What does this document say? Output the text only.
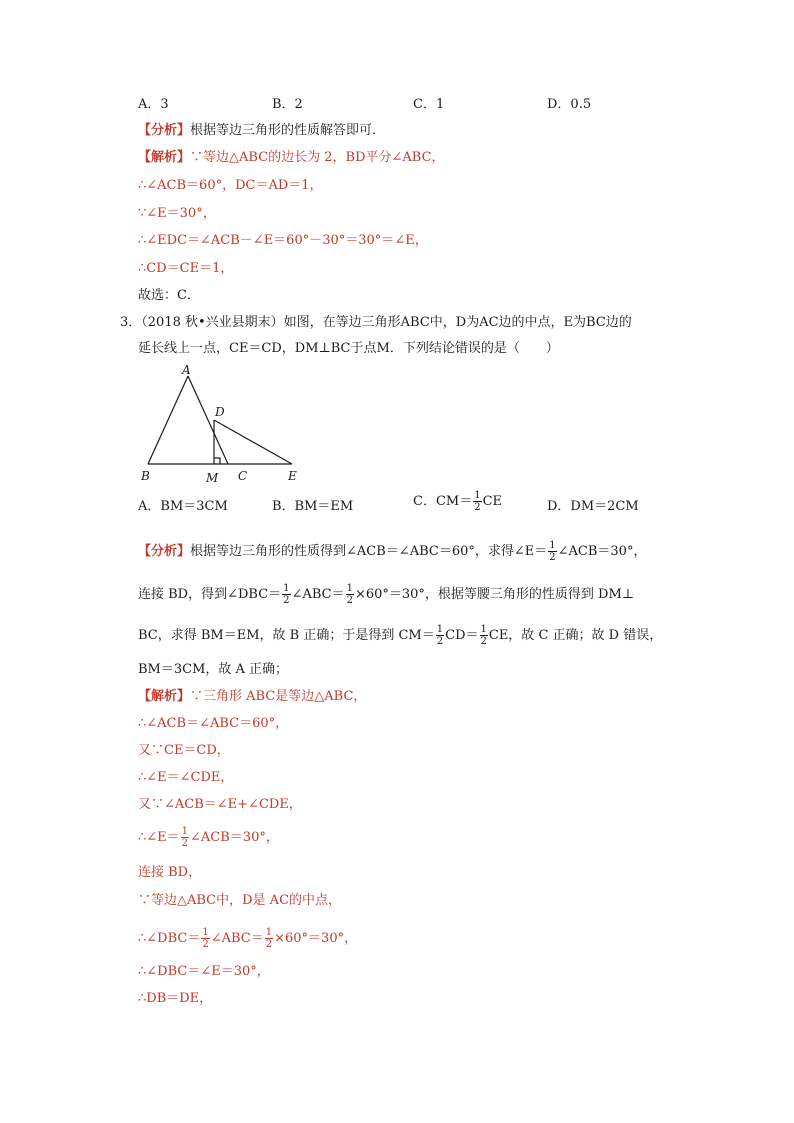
A．3	B．2	C．1	D．0.5
【分析】根据等边三角形的性质解答即可．
【解析】∵等边△ABC的边长为 2，BD平分∠ABC，
∴∠ACB＝60°，DC＝AD＝1，
∵∠E＝30°，
∴∠EDC＝∠ACB－∠E＝60°－30°＝30°＝∠E，
∴CD＝CE＝1，
故选：C．
3．（2018 秋•兴业县期末）如图，在等边三角形ABC中，D为AC边的中点，E为BC边的
延长线上一点，CE＝CD，DM⊥BC于点M．下列结论错误的是（　　）
A
B	C
D
E
M
A．BM＝3CM	B．BM＝EM	C．$CM= \frac{1}{2}$ CE	D．DM＝2CM
【分析】根据等边三角形的性质得到∠ACB＝∠ABC＝60°，求得∠E＝ $\frac{1}{2}$ ∠ACB＝30°，
连接 BD，得到∠DBC＝ $\frac{1}{2}$ ∠ABC＝ $\frac{1}{2} \times 60^\circ=30^\circ$，根据等腰三角形的性质得到 DM⊥
BC，求得 BM＝EM，故 B 正确；于是得到 $CM= \frac{1}{2} CD= \frac{1}{2}$ CE，故 C 正确；故 D 错误，
BM＝3CM，故 A 正确；
【解析】∵三角形 ABC是等边△ABC，
∴∠ACB＝∠ABC＝60°，
又∵CE＝CD，
∴∠E＝∠CDE，
又∵∠ACB＝∠E+∠CDE，
∴∠E＝ $\frac{1}{2}$ ∠ACB＝30°，
连接 BD，
∵等边△ABC中，D是 AC的中点，
∴∠DBC＝ $\frac{1}{2}$ ∠ABC＝ $\frac{1}{2} \times 60^\circ=30^\circ$，
∴∠DBC＝∠E＝30°，
∴DB＝DE，
